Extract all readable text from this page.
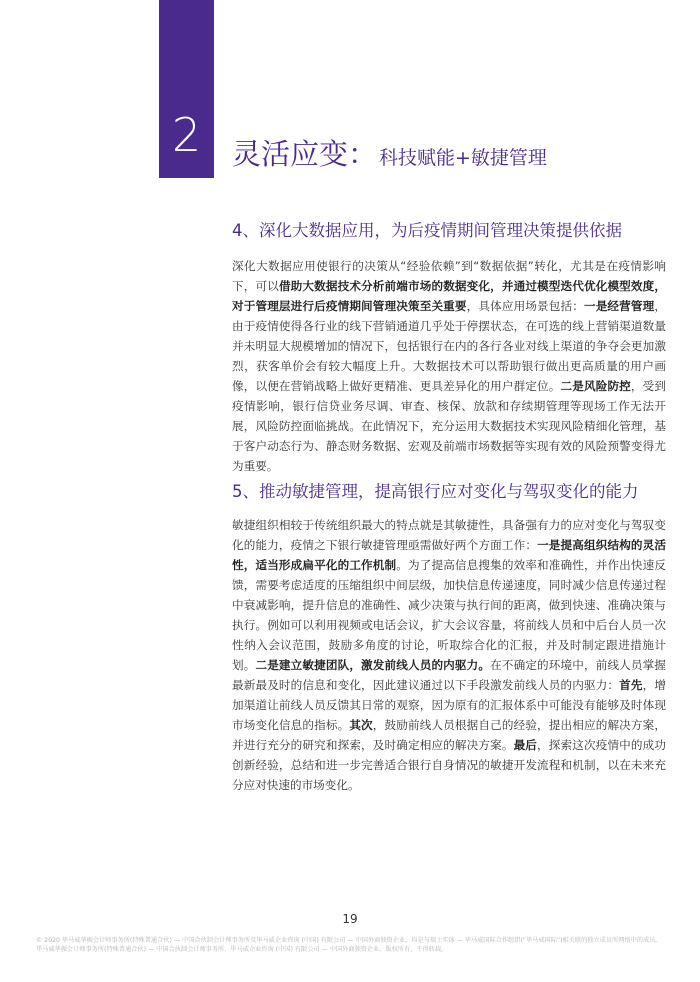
2	灵活应变： 科技赋能+敏捷管理
4、深化大数据应用，为后疫情期间管理决策提供依据

深化大数据应用使银行的决策从“经验依赖”到“数据依据”转化，尤其是在疫情影响下，可以借助大数据技术分析前端市场的数据变化，并通过模型迭代优化模型效度，对于管理层进行后疫情期间管理决策至关重要，具体应用场景包括：一是经营管理，由于疫情使得各行业的线下营销通道几乎处于停摆状态，在可选的线上营销渠道数量并未明显大规模增加的情况下，包括银行在内的各行各业对线上渠道的争夺会更加激烈，获客单价会有较大幅度上升。大数据技术可以帮助银行做出更高质量的用户画像，以便在营销战略上做好更精准、更具差异化的用户群定位。二是风险防控，受到疫情影响，银行信贷业务尽调、审查、核保、放款和存续期管理等现场工作无法开展，风险防控面临挑战。在此情况下，充分运用大数据技术实现风险精细化管理，基于客户动态行为、静态财务数据、宏观及前端市场数据等实现有效的风险预警变得尤为重要。

5、推动敏捷管理，提高银行应对变化与驾驭变化的能力

敏捷组织相较于传统组织最大的特点就是其敏捷性，具备强有力的应对变化与驾驭变化的能力，疫情之下银行敏捷管理亟需做好两个方面工作：一是提高组织结构的灵活性，适当形成扁平化的工作机制。为了提高信息搜集的效率和准确性，并作出快速反馈，需要考虑适度的压缩组织中间层级，加快信息传递速度，同时减少信息传递过程中衰减影响，提升信息的准确性、减少决策与执行间的距离，做到快速、准确决策与执行。例如可以利用视频或电话会议，扩大会议容量，将前线人员和中后台人员一次性纳入会议范围，鼓励多角度的讨论，听取综合化的汇报，并及时制定跟进措施计划。二是建立敏捷团队，激发前线人员的内驱力。在不确定的环境中，前线人员掌握最新最及时的信息和变化，因此建议通过以下手段激发前线人员的内驱力：首先，增加渠道让前线人员反馈其日常的观察，因为原有的汇报体系中可能没有能够及时体现市场变化信息的指标。其次，鼓励前线人员根据自己的经验，提出相应的解决方案，并进行充分的研究和探索，及时确定相应的解决方案。最后，探索这次疫情中的成功创新经验，总结和进一步完善适合银行自身情况的敏捷开发流程和机制，以在未来充分应对快速的市场变化。

19
© 2020 毕马威华振会计师事务所(特殊普通合伙) — 中国合伙制会计师事务所及毕马威企业咨询 (中国) 有限公司 — 中国外商独资企业，均是与瑞士实体 — 毕马威国际合作组织(“毕马威国际”)相关联的独立成员所网络中的成员。毕马威华振会计师事务所(特殊普通合伙) — 中国合伙制会计师事务所，毕马威企业咨询 (中国) 有限公司 — 中国外商独资企业。版权所有，不得转载。
